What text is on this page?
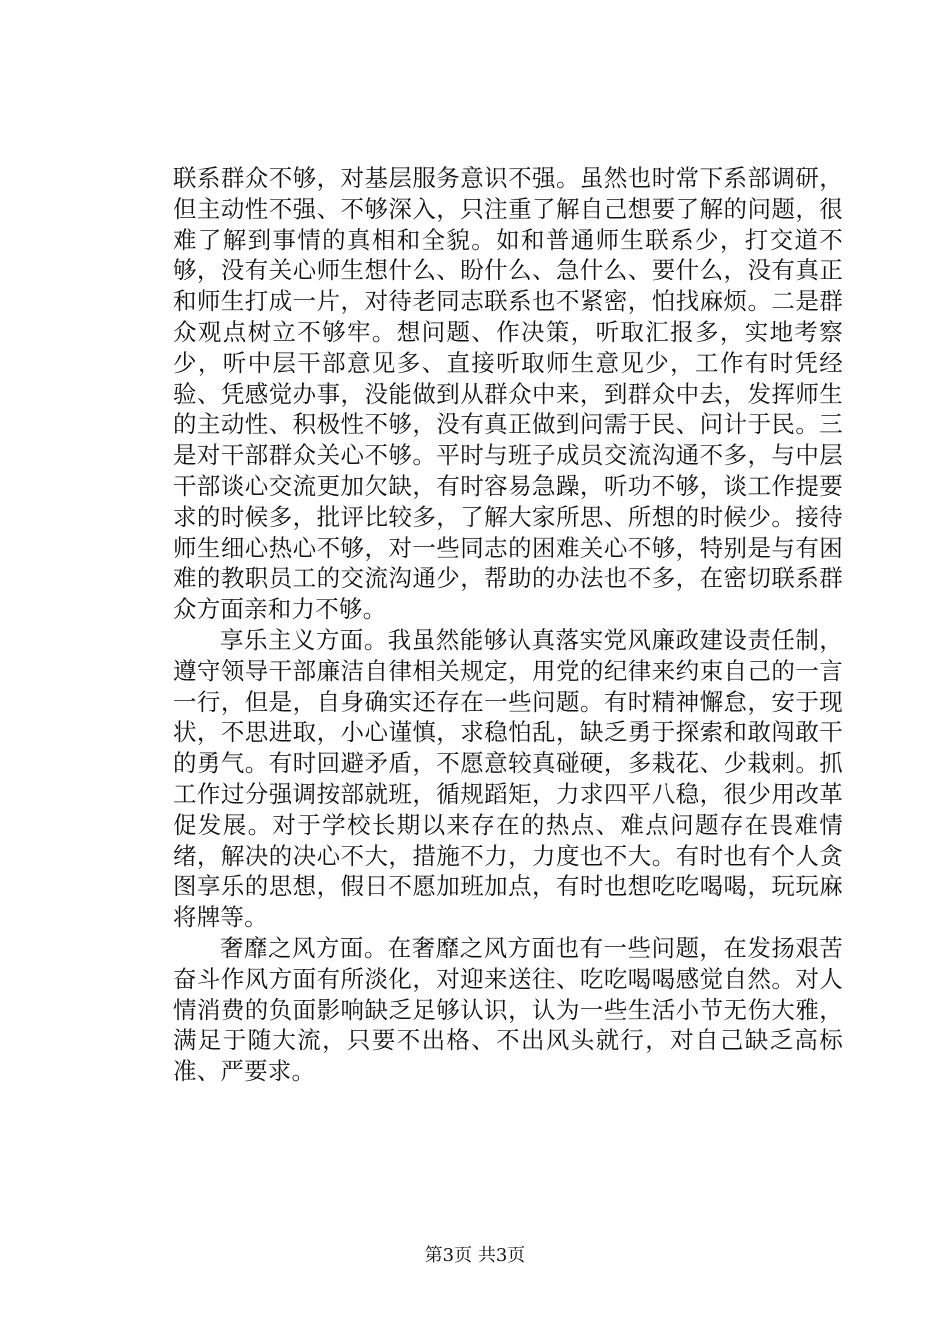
联系群众不够，对基层服务意识不强。虽然也时常下系部调研，但主动性不强、不够深入，只注重了解自己想要了解的问题，很难了解到事情的真相和全貌。如和普通师生联系少，打交道不够，没有关心师生想什么、盼什么、急什么、要什么，没有真正和师生打成一片，对待老同志联系也不紧密，怕找麻烦。二是群众观点树立不够牢。想问题、作决策，听取汇报多，实地考察少，听中层干部意见多、直接听取师生意见少，工作有时凭经验、凭感觉办事，没能做到从群众中来，到群众中去，发挥师生的主动性、积极性不够，没有真正做到问需于民、问计于民。三是对干部群众关心不够。平时与班子成员交流沟通不多，与中层干部谈心交流更加欠缺，有时容易急躁，听功不够，谈工作提要求的时候多，批评比较多，了解大家所思、所想的时候少。接待师生细心热心不够，对一些同志的困难关心不够，特别是与有困难的教职员工的交流沟通少，帮助的办法也不多，在密切联系群众方面亲和力不够。

享乐主义方面。我虽然能够认真落实党风廉政建设责任制，遵守领导干部廉洁自律相关规定，用党的纪律来约束自己的一言一行，但是，自身确实还存在一些问题。有时精神懈怠，安于现状，不思进取，小心谨慎，求稳怕乱，缺乏勇于探索和敢闯敢干的勇气。有时回避矛盾，不愿意较真碰硬，多栽花、少栽刺。抓工作过分强调按部就班，循规蹈矩，力求四平八稳，很少用改革促发展。对于学校长期以来存在的热点、难点问题存在畏难情绪，解决的决心不大，措施不力，力度也不大。有时也有个人贪图享乐的思想，假日不愿加班加点，有时也想吃吃喝喝，玩玩麻将牌等。

奢靡之风方面。在奢靡之风方面也有一些问题，在发扬艰苦奋斗作风方面有所淡化，对迎来送往、吃吃喝喝感觉自然。对人情消费的负面影响缺乏足够认识，认为一些生活小节无伤大雅，满足于随大流，只要不出格、不出风头就行，对自己缺乏高标准、严要求。

第3页 共3页
